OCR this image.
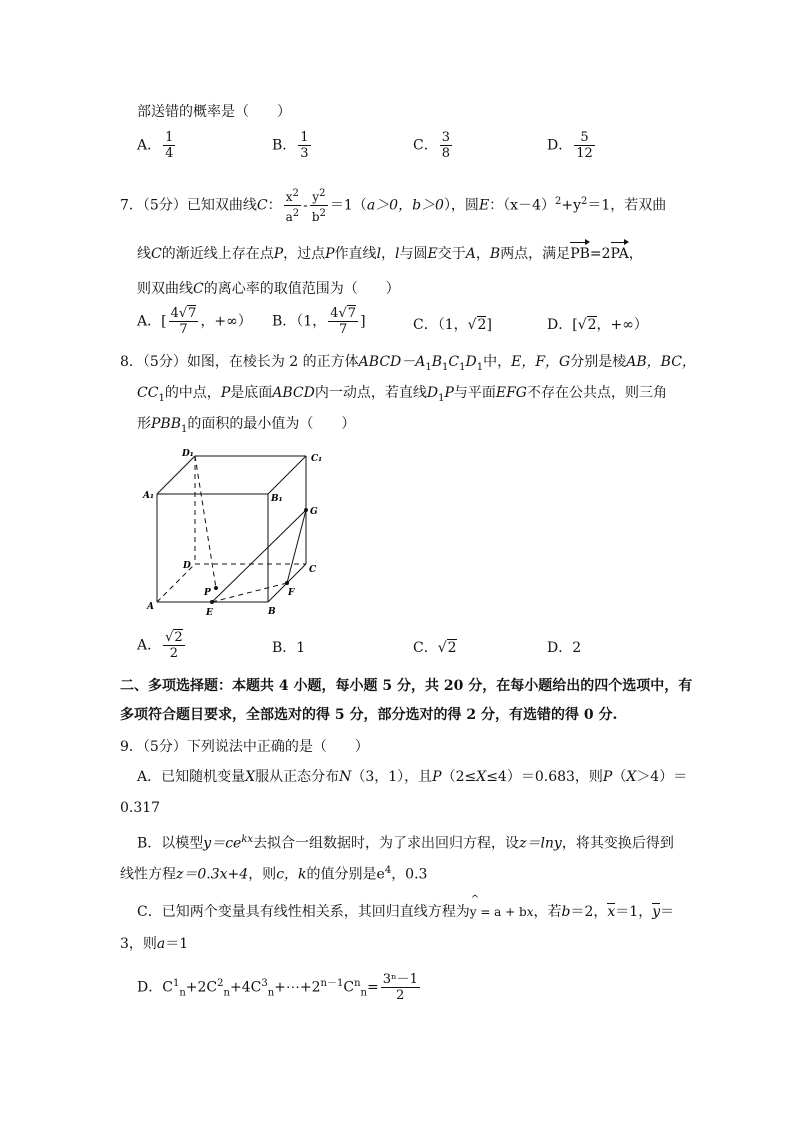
部送错的概率是（　　）
A． $\frac{1}{4}$	B． $\frac{1}{3}$	C． $\frac{3}{8}$	D． $\frac{5}{12}$
7．（5分）已知双曲线C： $\frac{x^2}{a^2} - \frac{y^2}{b^2} =1(a>0$，b＞0），圆E：$(x-4)^2+y^2=1$，若双曲
线C的渐近线上存在点P，过点P作直线l，l与圆E交于A，B两点，满足PB=2PA，
则双曲线C的离心率的取值范围为（　　）
A．[ $\frac{4√7}{7}$ ，+∞） B．（1， $\frac{4√7}{7}$ ]	C．（1，√2]	D．[√2，+∞）
8．（5分）如图，在棱长为 2 的正方体$ABCD-A_1B_1C_1D_1$中，E，F，G分别是棱AB，BC，
$CC_1$的中点，P是底面ABCD内一动点，若直线$D_1P$与平面EFG不存在公共点，则三角
形$PBB_1$的面积的最小值为（　　）
D₁	C₁
A₁	B₁
G
D	C
P	F
A
E	B
A． $\frac{√2}{2}$	B．1	C．√2	D．2
二、多项选择题：本题共 4 小题，每小题 5 分，共 20 分，在每小题给出的四个选项中，有
多项符合题目要求，全部选对的得 5 分，部分选对的得 2 分，有选错的得 0 分.
9．（5分）下列说法中正确的是（　　）
A．已知随机变量X服从正态分布N（3，1），且P（2≤X≤4）＝0.683，则P（X＞4）＝
0.317
B．以模型$y=ce^{kx}$去拟合一组数据时，为了求出回归方程，设z＝lny，将其变换后得到
线性方程z＝0.3x+4，则c，k的值分别是$e^4$，0.3
C．已知两个变量具有线性相关系，其回归直线方程为^ y = a + bx，若b＝2，x＝1，y＝
3，则a＝1
D．$C^1_n+2C^2_n+4C^3_n+\cdots+2^{n-1}C^n_n= \frac{\text{3ⁿ－1}}{2}$
